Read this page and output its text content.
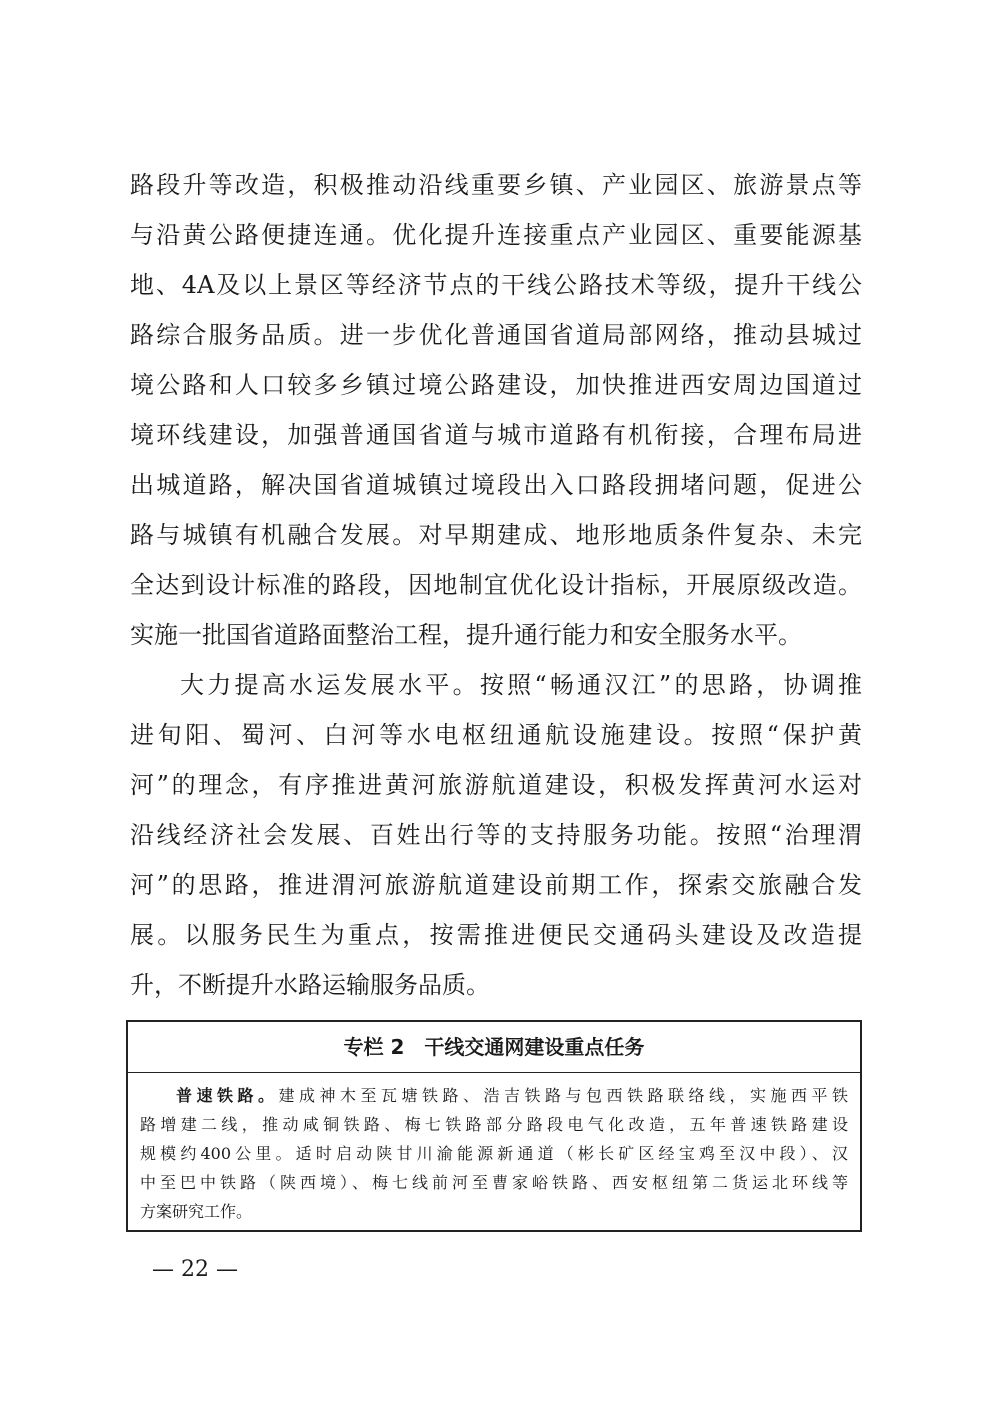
路段升等改造，积极推动沿线重要乡镇、产业园区、旅游景点等
与沿黄公路便捷连通。优化提升连接重点产业园区、重要能源基
地、4A及以上景区等经济节点的干线公路技术等级，提升干线公
路综合服务品质。进一步优化普通国省道局部网络，推动县城过
境公路和人口较多乡镇过境公路建设，加快推进西安周边国道过
境环线建设，加强普通国省道与城市道路有机衔接，合理布局进
出城道路，解决国省道城镇过境段出入口路段拥堵问题，促进公
路与城镇有机融合发展。对早期建成、地形地质条件复杂、未完
全达到设计标准的路段，因地制宜优化设计指标，开展原级改造。
实施一批国省道路面整治工程，提升通行能力和安全服务水平。
大力提高水运发展水平。按照“畅通汉江”的思路，协调推
进旬阳、蜀河、白河等水电枢纽通航设施建设。按照“保护黄
河”的理念，有序推进黄河旅游航道建设，积极发挥黄河水运对
沿线经济社会发展、百姓出行等的支持服务功能。按照“治理渭
河”的思路，推进渭河旅游航道建设前期工作，探索交旅融合发
展。以服务民生为重点，按需推进便民交通码头建设及改造提
升，不断提升水路运输服务品质。
专栏 2　干线交通网建设重点任务
普速铁路。建成神木至瓦塘铁路、浩吉铁路与包西铁路联络线，实施西平铁
路增建二线，推动咸铜铁路、梅七铁路部分路段电气化改造，五年普速铁路建设
规模约400公里。适时启动陕甘川渝能源新通道（彬长矿区经宝鸡至汉中段）、汉
中至巴中铁路（陕西境）、梅七线前河至曹家峪铁路、西安枢纽第二货运北环线等
方案研究工作。
— 22 —
